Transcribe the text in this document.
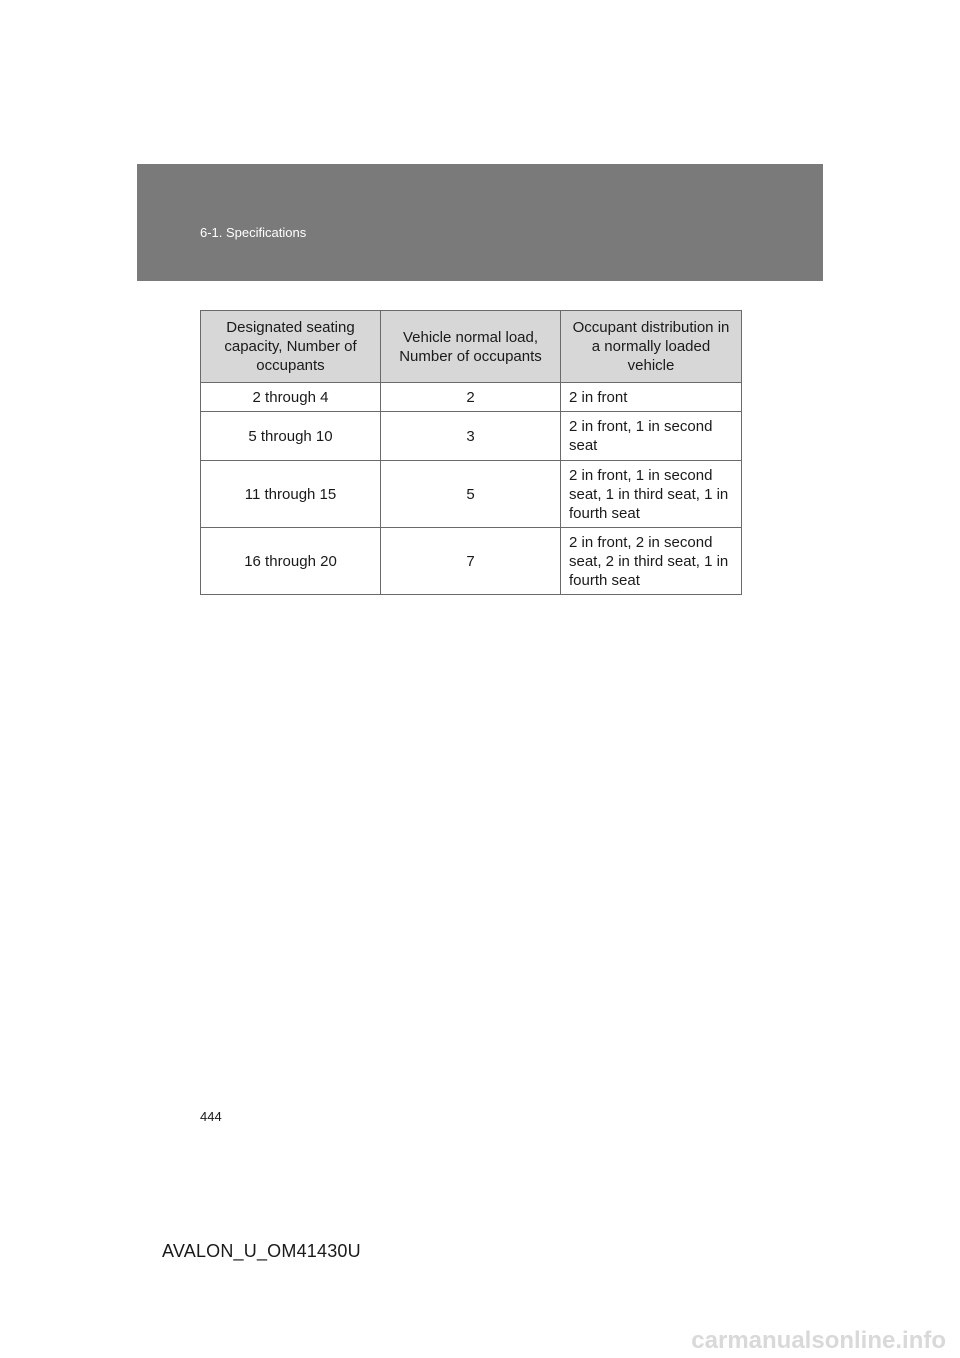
6-1. Specifications
Designated seating capacity, Number of occupants	Vehicle normal load, Number of occupants	Occupant distribution in a normally loaded vehicle
2 through 4	2	2 in front
5 through 10	3	2 in front, 1 in second seat
11 through 15	5	2 in front, 1 in second seat, 1 in third seat, 1 in fourth seat
16 through 20	7	2 in front, 2 in second seat, 2 in third seat, 1 in fourth seat
444
AVALON_U_OM41430U
carmanualsonline.info
